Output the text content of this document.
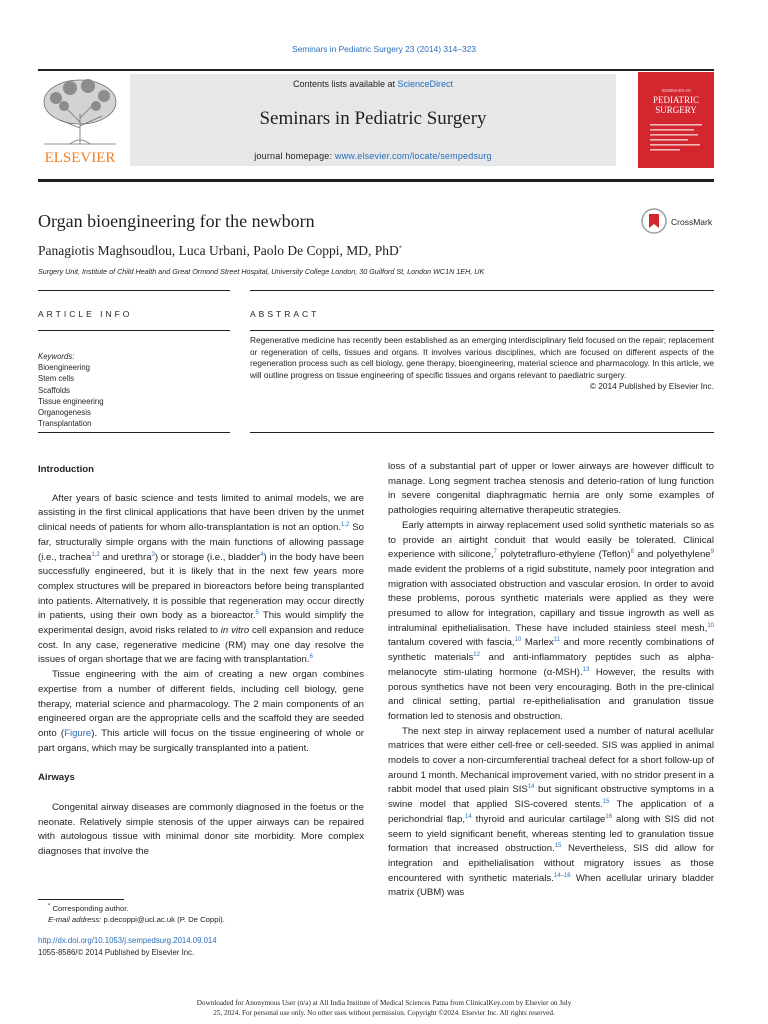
Seminars in Pediatric Surgery 23 (2014) 314–323
ELSEVIER
Contents lists available at ScienceDirect
Seminars in Pediatric Surgery
journal homepage: www.elsevier.com/locate/sempedsurg
SEMINARS IN
PEDIATRIC
SURGERY
Organ bioengineering for the newborn	CrossMark
Panagiotis Maghsoudlou, Luca Urbani, Paolo De Coppi, MD, PhD*
Surgery Unit, Institute of Child Health and Great Ormond Street Hospital, University College London, 30 Guilford St, London WC1N 1EH, UK
ARTICLE INFO	ABSTRACT
Keywords:
Bioengineering
Stem cells
Scaffolds
Tissue engineering
Organogenesis
Transplantation
Regenerative medicine has recently been established as an emerging interdisciplinary field focused on the repair; replacement or regeneration of cells, tissues and organs. It involves various disciplines, which are focused on different aspects of the regeneration process such as cell biology, gene therapy, bioengineering, material science and pharmacology. In this article, we will outline progress on tissue engineering of specific tissues and organs relevant to paediatric surgery.
© 2014 Published by Elsevier Inc.
Introduction

After years of basic science and tests limited to animal models, we are assisting in the first clinical applications that have been driven by the unmet clinical needs of patients for whom allo-transplantation is not an option.$^{1,2}$ So far, structurally simple organs with the main functions of allowing passage (i.e., trachea$^{1,2}$ and urethra$^3$) or storage (i.e., bladder$^4$) in the body have been successfully engineered, but it is likely that in the next few years more complex structures will be prepared in bioreactors before being transplanted into patients. Alternatively, it is possible that regeneration may occur directly in patients, using their own body as a bioreactor.$^5$ This would simplify the experimental design, avoid risks related to in vitro cell expansion and reduce cost. In any case, regenerative medicine (RM) may one day resolve the issues of organ shortage that we are facing with transplantation.$^6$

Tissue engineering with the aim of creating a new organ combines expertise from a number of different fields, including cell biology, gene therapy, material science and pharmacology. The 2 main components of an engineered organ are the appropriate cells and the scaffold they are seeded onto (Figure). This article will focus on the tissue engineering of whole or part organs, which may be surgically transplanted into a patient.

Airways

Congenital airway diseases are commonly diagnosed in the foetus or the neonate. Relatively simple stenosis of the upper airways can be repaired with autologous tissue with minimal donor site morbidity. More complex diagnoses that involve the

loss of a substantial part of upper or lower airways are however difficult to manage. Long segment trachea stenosis and deterio-ration of lung function in severe congenital diaphragmatic hernia are only some examples of pathologies requiring alternative therapeutic strategies.

Early attempts in airway replacement used solid synthetic materials so as to provide an airtight conduit that would easily be tolerated. Clinical experience with silicone,$^7$ polytetrafluro-ethylene (Teflon)$^8$ and polyethylene$^9$ made evident the problems of a rigid substitute, namely poor integration and migration with associated obstruction and vascular erosion. In order to avoid these problems, porous synthetic materials were applied as they were presumed to allow for integration, capillary and tissue ingrowth as well as intraluminal epithelialisation. These have included stainless steel mesh,$^{10}$ tantalum covered with fascia,$^{10}$ Marlex$^{11}$ and more recently combinations of synthetic materials$^{12}$ and anti-inflammatory peptides such as alpha-melanocyte stim-ulating hormone (α-MSH).$^{13}$ However, the results with porous synthetics have not been very encouraging. Both in the pre-clinical and clinical setting, partial re-epithelialisation and granulation tissue formation led to stenosis and obstruction.

The next step in airway replacement used a number of natural acellular matrices that were either cell-free or cell-seeded. SIS was applied in animal models to cover a non-circumferential tracheal defect for a short follow-up of around 1 month. Mechanical improvement varied, with no stridor present in a rabbit model that used plain SIS$^{14}$ but significant obstructive symptoms in a swine model that applied SIS-covered stents.$^{15}$ The application of a perichondrial flap,$^{14}$ thyroid and auricular cartilage$^{16}$ along with SIS did not seem to yield significant benefit, whereas stenting led to granulation tissue formation that increased obstruction.$^{15}$ Nevertheless, SIS did allow for integration and epithelialisation without migratory issues as those encountered with synthetic materials.$^{14-16}$ When acellular urinary bladder matrix (UBM) was

* Corresponding author.
E-mail address: p.decoppi@ucl.ac.uk (P. De Coppi).
http://dx.doi.org/10.1053/j.sempedsurg.2014.09.014
1055-8586/© 2014 Published by Elsevier Inc.
Downloaded for Anonymous User (n/a) at All India Institute of Medical Sciences Patna from ClinicalKey.com by Elsevier on July
25, 2024. For personal use only. No other uses without permission. Copyright ©2024. Elsevier Inc. All rights reserved.
